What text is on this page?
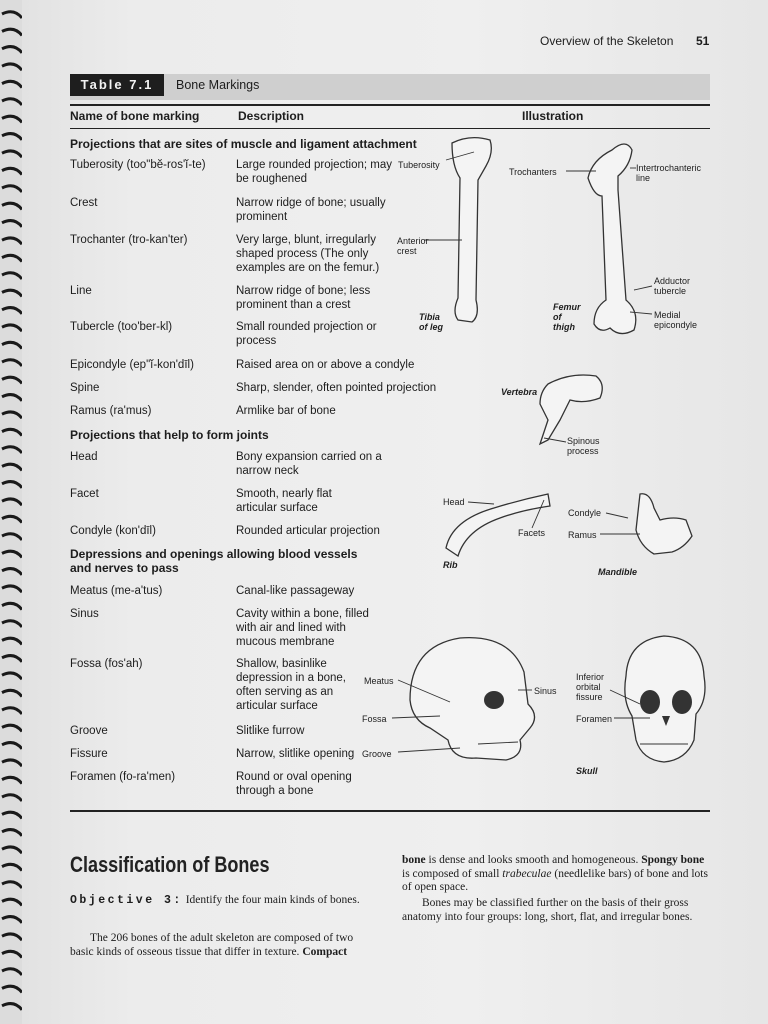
Overview of the Skeleton 51
Table 7.1	Bone Markings
Name of bone marking	Description	Illustration
Projections that are sites of muscle and ligament attachment
Projections that help to form joints
Depressions and openings allowing blood vessels and nerves to pass
Tuberosity (too"bĕ-ros'ĭ-te)	Large rounded projection; may be roughened
Crest	Narrow ridge of bone; usually prominent
Trochanter (tro-kan'ter)	Very large, blunt, irregularly shaped process (The only examples are on the femur.)
Line	Narrow ridge of bone; less prominent than a crest
Tubercle (too'ber-kl)	Small rounded projection or process
Epicondyle (ep"ĭ-kon'dīl)	Raised area on or above a condyle
Spine	Sharp, slender, often pointed projection
Ramus (ra'mus)	Armlike bar of bone
Head	Bony expansion carried on a narrow neck
Facet	Smooth, nearly flat articular surface
Condyle (kon'dīl)	Rounded articular projection
Meatus (me-a'tus)	Canal-like passageway
Sinus	Cavity within a bone, filled with air and lined with mucous membrane
Fossa (fos'ah)	Shallow, basinlike depression in a bone, often serving as an articular surface
Groove	Slitlike furrow
Fissure	Narrow, slitlike opening
Foramen (fo-ra'men)	Round or oval opening through a bone
Tuberosity
Anterior crest
Trochanters	Intertrochanteric line
Adductor tubercle
Medial epicondyle
Tibia of leg
Femur of thigh
Vertebra
Spinous process
Head
Facets
Condyle
Ramus
Rib
Mandible
Meatus
Sinus
Fossa
Groove
Inferior orbital fissure
Foramen
Skull
Classification of Bones
Objective 3: Identify the four main kinds of bones.
The 206 bones of the adult skeleton are composed of two basic kinds of osseous tissue that differ in texture. Compact
bone is dense and looks smooth and homogeneous. Spongy bone is composed of small trabeculae (needlelike bars) of bone and lots of open space.
Bones may be classified further on the basis of their gross anatomy into four groups: long, short, flat, and irregular bones.
